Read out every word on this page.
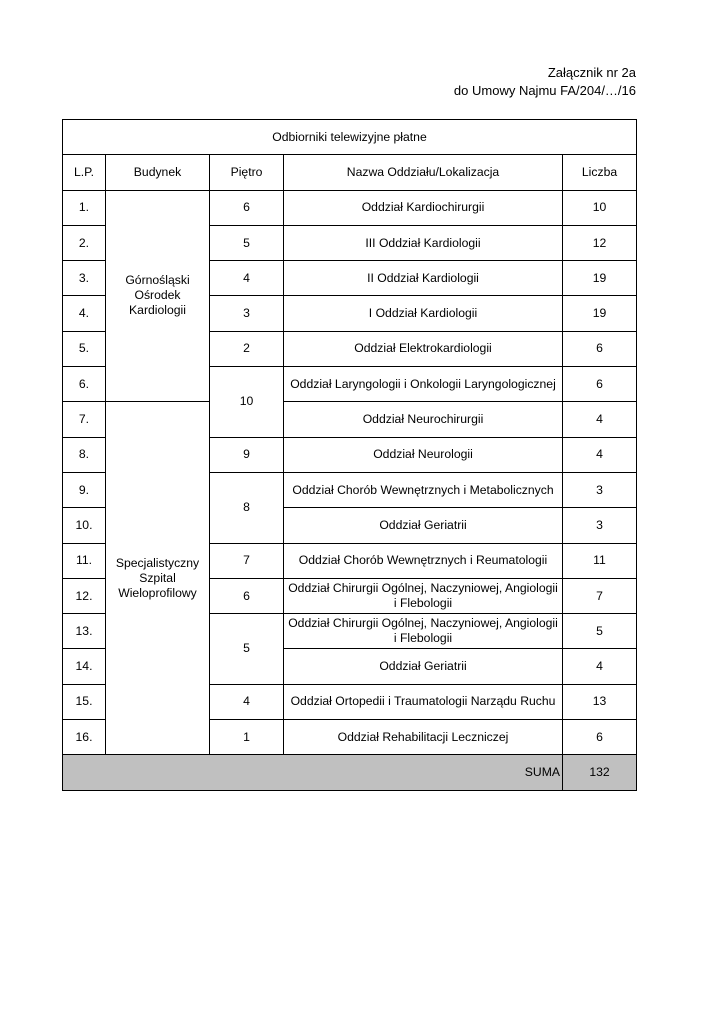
Załącznik nr 2a
do Umowy Najmu FA/204/…/16
Odbiorniki telewizyjne płatne				
L.P.	Budynek	Piętro	Nazwa Oddziału/Lokalizacja	Liczba
1.	Górnośląski Ośrodek Kardiologii	6	Oddział Kardiochirurgii	10
2.		5	III Oddział Kardiologii	12
3.		4	II Oddział Kardiologii	19
4.		3	I Oddział Kardiologii	19
5.		2	Oddział Elektrokardiologii	6
6.		10	Oddział Laryngologii i Onkologii Laryngologicznej	6
7.	Specjalistyczny Szpital Wieloprofilowy		Oddział Neurochirurgii	4
8.		9	Oddział Neurologii	4
9.		8	Oddział Chorób Wewnętrznych i Metabolicznych	3
10.			Oddział Geriatrii	3
11.		7	Oddział Chorób Wewnętrznych i Reumatologii	11
12.		6	Oddział Chirurgii Ogólnej, Naczyniowej, Angiologii i Flebologii	7
13.		5	Oddział Chirurgii Ogólnej, Naczyniowej, Angiologii i Flebologii	5
14.			Oddział Geriatrii	4
15.		4	Oddział Ortopedii i Traumatologii Narządu Ruchu	13
16.		1	Oddział Rehabilitacji Leczniczej	6
SUMA				132
